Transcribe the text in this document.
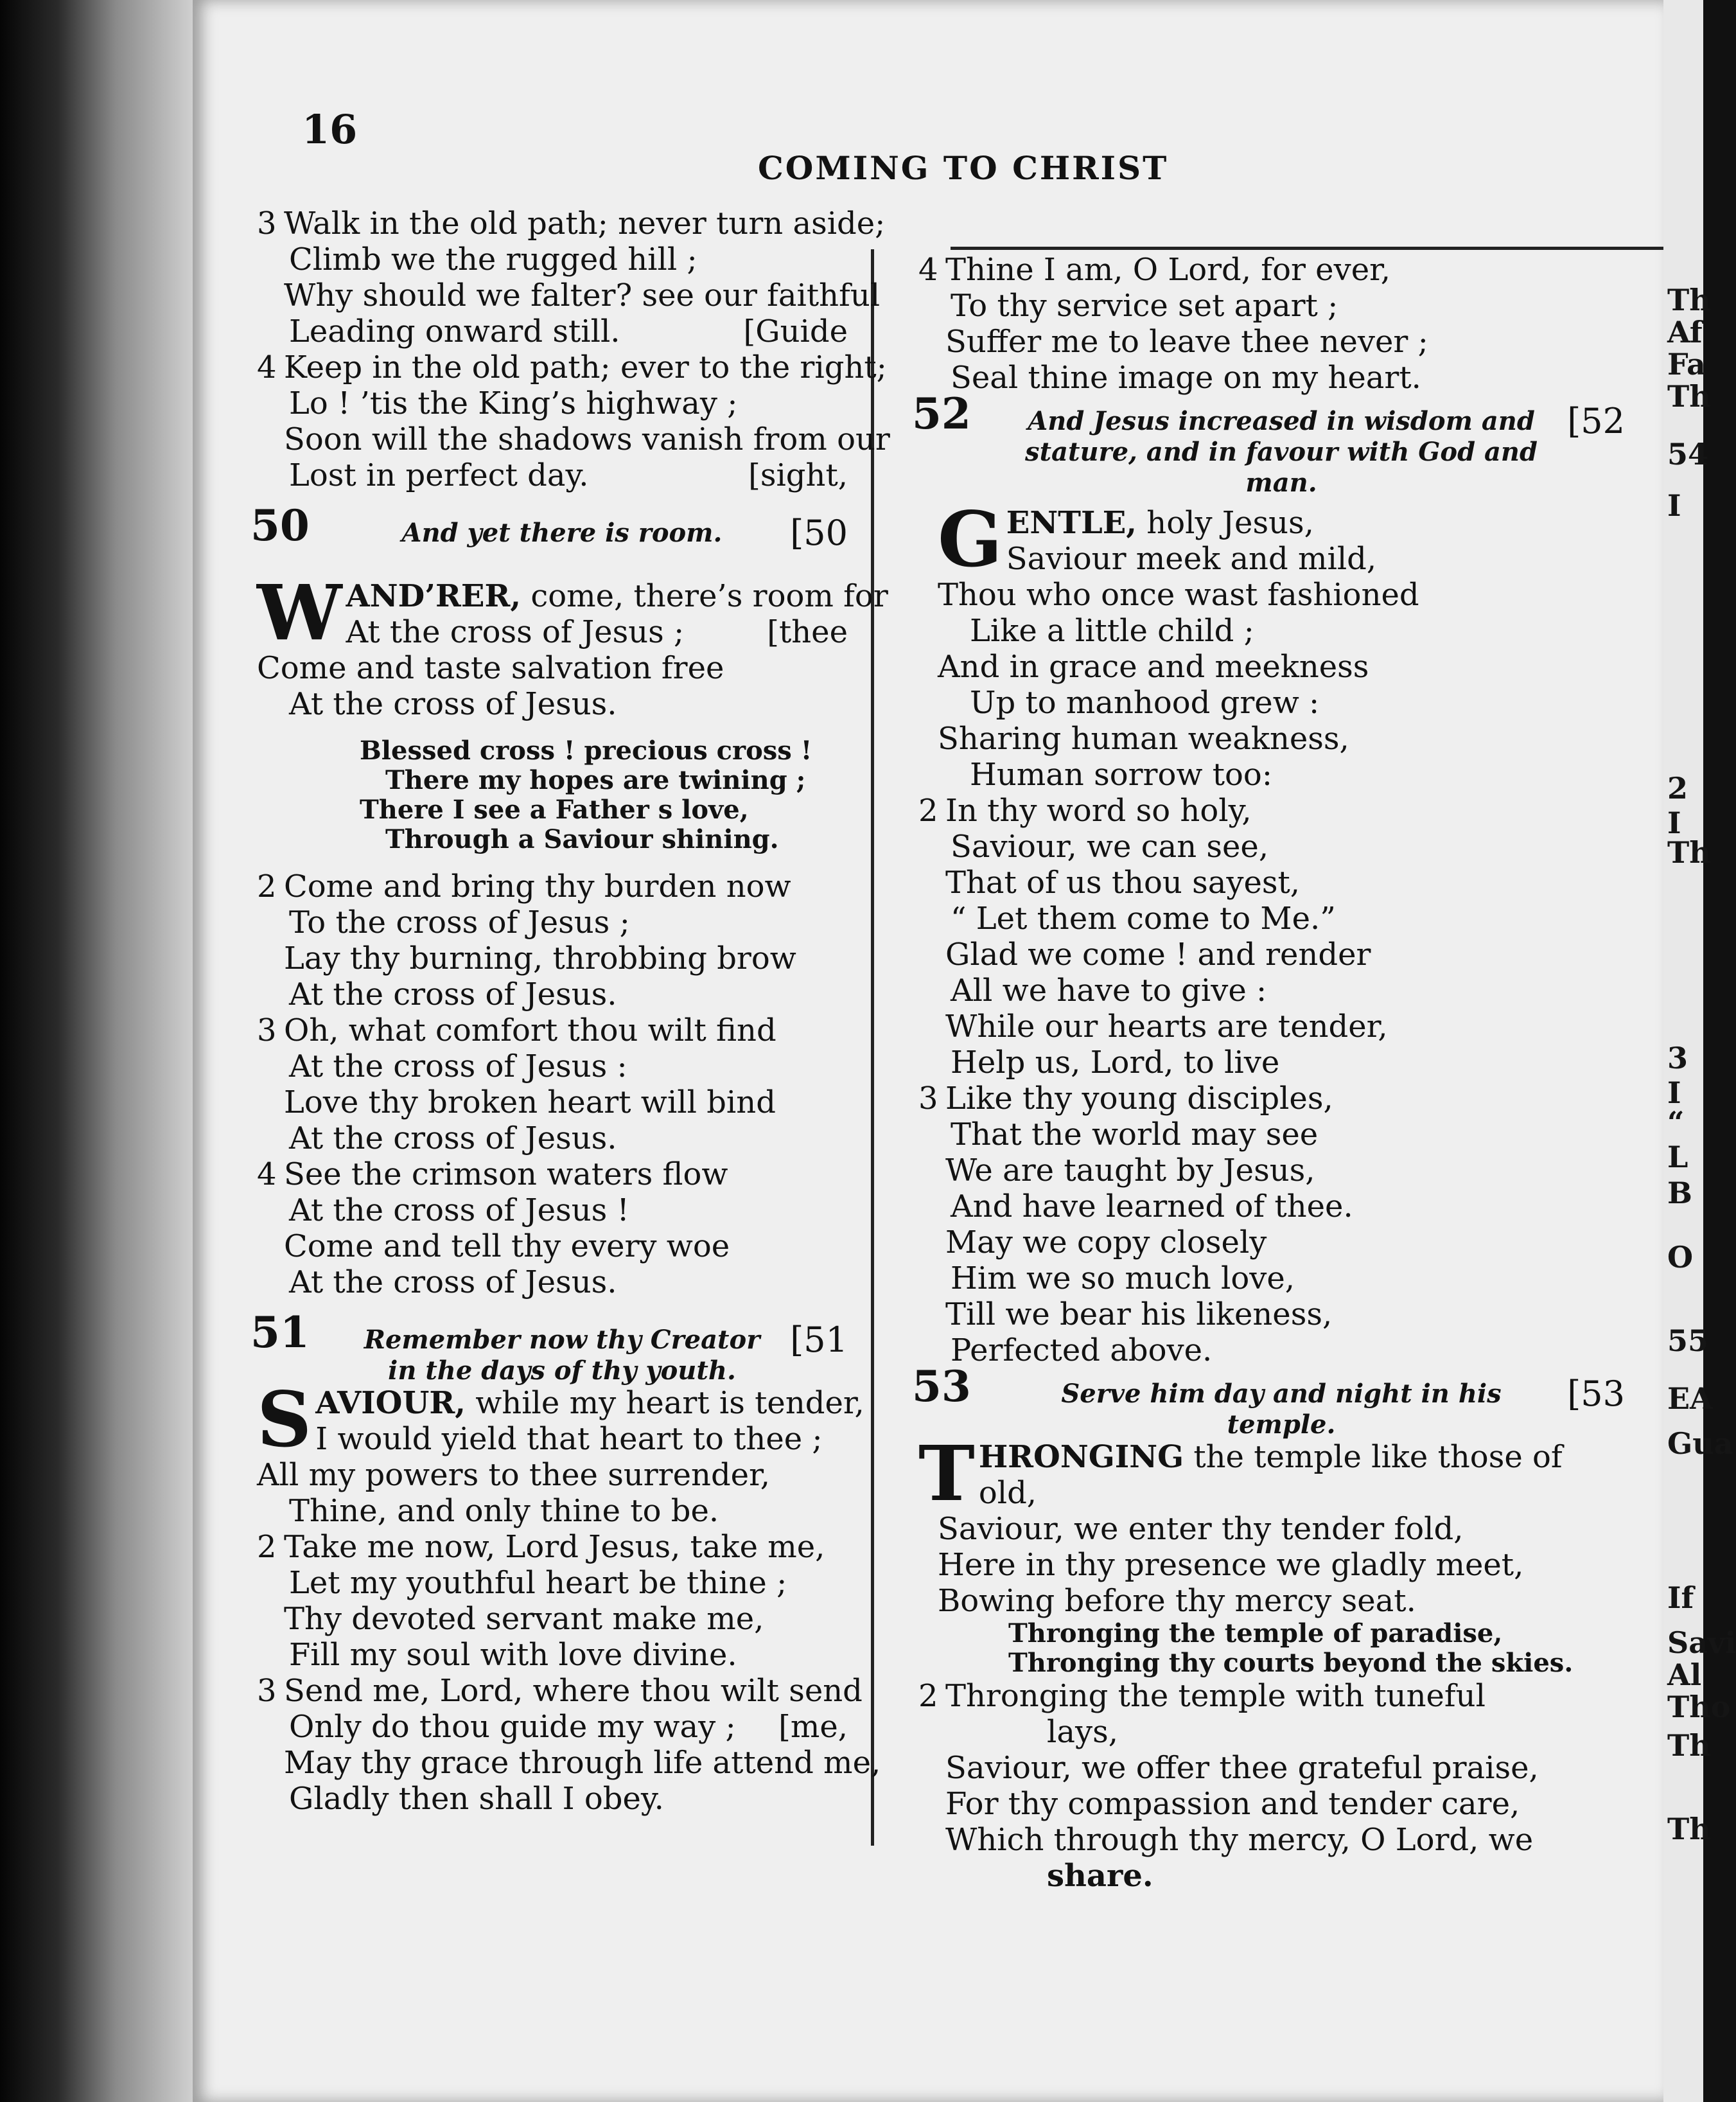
16
COMING TO CHRIST
3 Walk in the old path; never turn aside;
Climb we the rugged hill ;
Why should we falter? see our faithful
Leading onward still.	[Guide
4 Keep in the old path; ever to the right;
Lo ! ’tis the King’s highway ;
Soon will the shadows vanish from our
Lost in perfect day.	[sight,
50	And yet there is room.	[50
W AND’RER, come, there’s room for
At the cross of Jesus ;	[thee
Come and taste salvation free
At the cross of Jesus.
Blessed cross ! precious cross !
There my hopes are twining ;
There I see a Father s love,
Through a Saviour shining.
2 Come and bring thy burden now
To the cross of Jesus ;
Lay thy burning, throbbing brow
At the cross of Jesus.
3 Oh, what comfort thou wilt find
At the cross of Jesus :
Love thy broken heart will bind
At the cross of Jesus.
4 See the crimson waters flow
At the cross of Jesus !
Come and tell thy every woe
At the cross of Jesus.
51	Remember now thy Creator in the days of thy youth.
[51
S AVIOUR, while my heart is tender,
I would yield that heart to thee ;
All my powers to thee surrender,
Thine, and only thine to be.
2 Take me now, Lord Jesus, take me,
Let my youthful heart be thine ;
Thy devoted servant make me,
Fill my soul with love divine.
3 Send me, Lord, where thou wilt send
Only do thou guide my way ; [me,
May thy grace through life attend me,
Gladly then shall I obey.
4 Thine I am, O Lord, for ever,
To thy service set apart ;
Suffer me to leave thee never ;
Seal thine image on my heart.
52	And Jesus increased in wisdom and stature, and in favour with God and man.
[52
G ENTLE, holy Jesus,
Saviour meek and mild,
Thou who once wast fashioned
Like a little child ;
And in grace and meekness
Up to manhood grew :
Sharing human weakness,
Human sorrow too:
2 In thy word so holy,
Saviour, we can see,
That of us thou sayest,
“ Let them come to Me.”
Glad we come ! and render
All we have to give :
While our hearts are tender,
Help us, Lord, to live
3 Like thy young disciples,
That the world may see
We are taught by Jesus,
And have learned of thee.
May we copy closely
Him we so much love,
Till we bear his likeness,
Perfected above.
53	Serve him day and night in his temple.
[53
T HRONGING the temple like those of
old,
Saviour, we enter thy tender fold,
Here in thy presence we gladly meet,
Bowing before thy mercy seat.
Thronging the temple of paradise,
Thronging thy courts beyond the skies.
2 Thronging the temple with tuneful
lays,
Saviour, we offer thee grateful praise,
For thy compassion and tender care,
Which through thy mercy, O Lord, we
share.
Th
Af
Fa
Th
54
I
2 I
Th
3 I
“ L
B
O
55
EA
Gua
If
Savi
Al
Tho
Th
Th
